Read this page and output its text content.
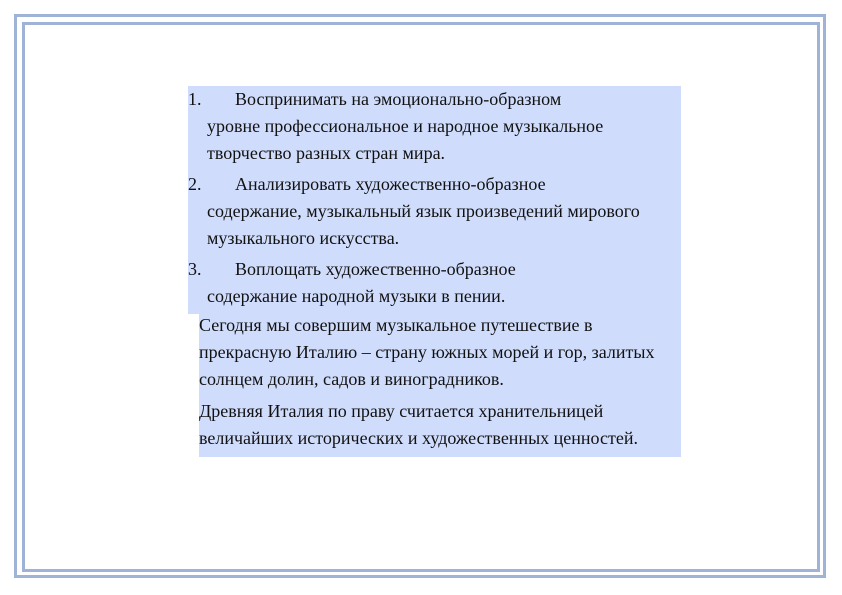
1.	Воспринимать на эмоционально-образном
уровне профессиональное и народное музыкальное творчество разных стран мира.
2.	Анализировать художественно-образное
содержание, музыкальный язык произведений мирового музыкального искусства.
3.	Воплощать художественно-образное
содержание народной музыки в пении.
Сегодня мы совершим музыкальное путешествие в прекрасную Италию – страну южных морей и гор, залитых солнцем долин, садов и виноградников.
Древняя Италия по праву считается хранительницей величайших исторических и художественных ценностей.
